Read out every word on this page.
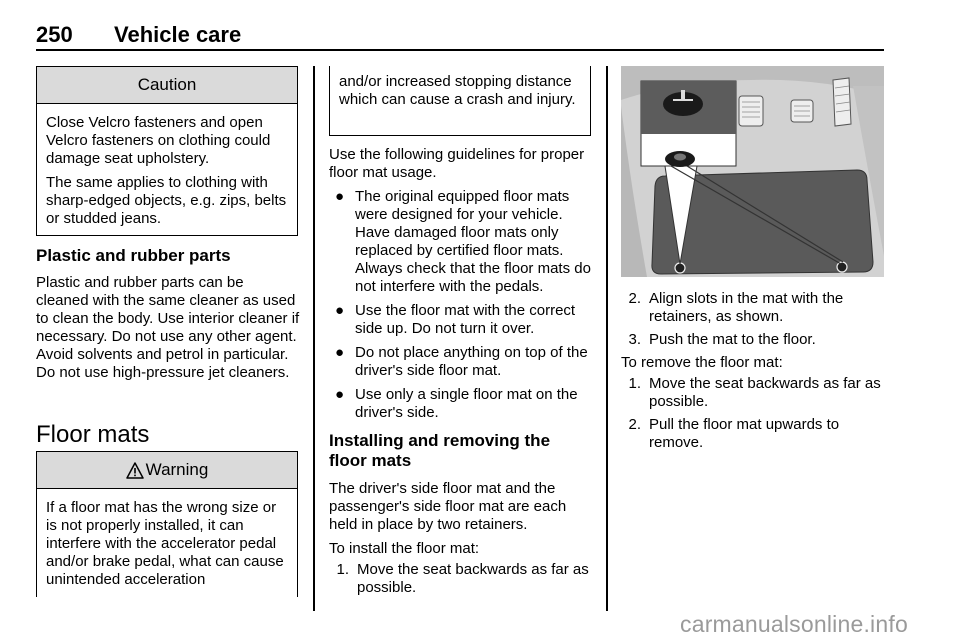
250 Vehicle care
Caution

Close Velcro fasteners and open Velcro fasteners on clothing could damage seat upholstery.

The same applies to clothing with sharp-edged objects, e.g. zips, belts or studded jeans.

Plastic and rubber parts
Plastic and rubber parts can be cleaned with the same cleaner as used to clean the body. Use interior cleaner if necessary. Do not use any other agent. Avoid solvents and petrol in particular. Do not use high-pressure jet cleaners.
Floor mats
Warning

If a floor mat has the wrong size or is not properly installed, it can interfere with the accelerator pedal and/or brake pedal, what can cause unintended acceleration

and/or increased stopping distance which can cause a crash and injury.

Use the following guidelines for proper floor mat usage.

● The original equipped floor mats were designed for your vehicle. Have damaged floor mats only replaced by certified floor mats. Always check that the floor mats do not interfere with the pedals.
● Use the floor mat with the correct side up. Do not turn it over.
● Do not place anything on top of the driver's side floor mat.
● Use only a single floor mat on the driver's side.
Installing and removing the floor mats

The driver's side floor mat and the passenger's side floor mat are each held in place by two retainers.

To install the floor mat:

1. Move the seat backwards as far as possible.
2. Align slots in the mat with the retainers, as shown.
3. Push the mat to the floor.

To remove the floor mat:

1. Move the seat backwards as far as possible.
2. Pull the floor mat upwards to remove.
carmanualsonline.info
